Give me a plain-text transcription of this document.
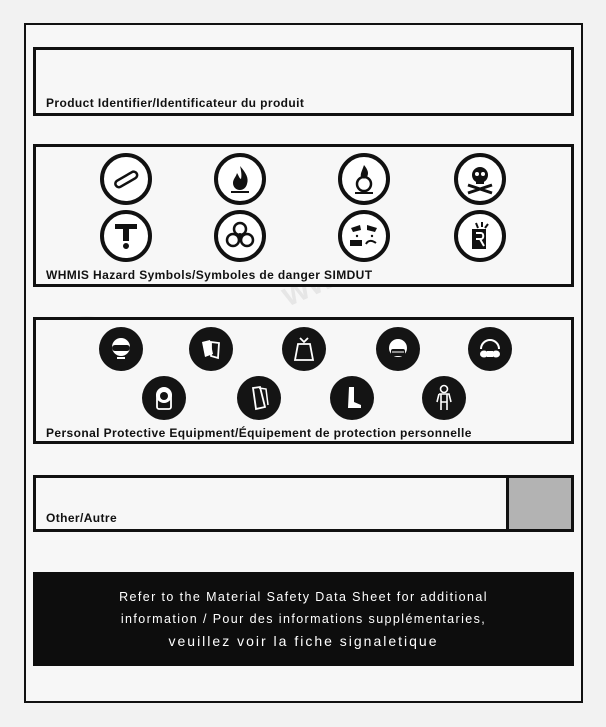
Product Identifier/Identificateur du produit
WHMIS Hazard Symbols/Symboles de danger SIMDUT
Personal Protective Equipment/Équipement de protection personnelle
Other/Autre
Refer to the Material Safety Data Sheet for additional
information / Pour des informations supplémentaries,
veuillez voir la fiche signaletique
